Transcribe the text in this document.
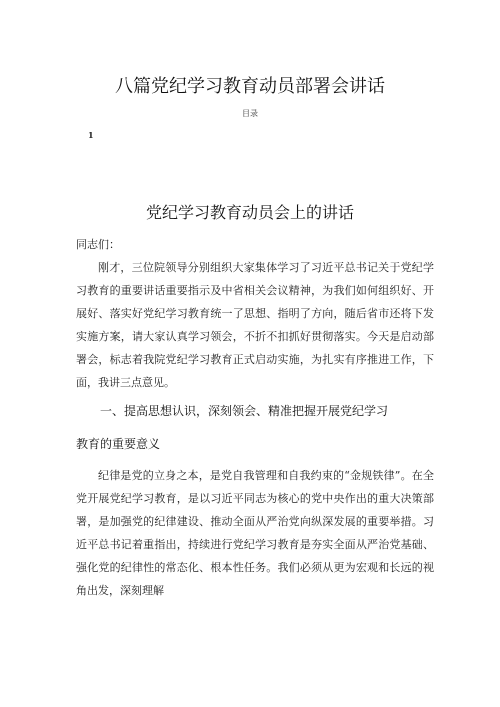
八篇党纪学习教育动员部署会讲话
目录
1
党纪学习教育动员会上的讲话

同志们：

刚才，三位院领导分别组织大家集体学习了习近平总书记关于党纪学习教育的重要讲话重要指示及中省相关会议精神，为我们如何组织好、开展好、落实好党纪学习教育统一了思想、指明了方向，随后省市还将下发实施方案，请大家认真学习领会，不折不扣抓好贯彻落实。今天是启动部署会，标志着我院党纪学习教育正式启动实施，为扎实有序推进工作，下面，我讲三点意见。

一、提高思想认识，深刻领会、精准把握开展党纪学习

教育的重要意义

纪律是党的立身之本，是党自我管理和自我约束的“金规铁律”。在全党开展党纪学习教育，是以习近平同志为核心的党中央作出的重大决策部署，是加强党的纪律建设、推动全面从严治党向纵深发展的重要举措。习近平总书记着重指出，持续进行党纪学习教育是夯实全面从严治党基础、强化党的纪律性的常态化、根本性任务。我们必须从更为宏观和长远的视角出发，深刻理解
